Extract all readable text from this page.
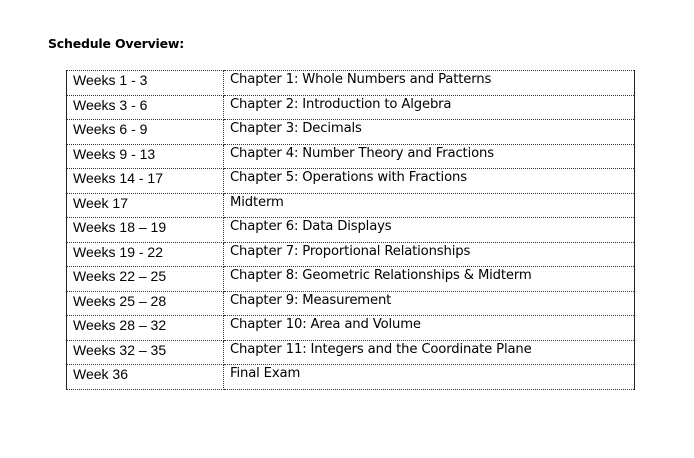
Schedule Overview:
Weeks 1 - 3	Chapter 1: Whole Numbers and Patterns
Weeks 3 - 6	Chapter 2: Introduction to Algebra
Weeks 6 - 9	Chapter 3: Decimals
Weeks 9 - 13	Chapter 4: Number Theory and Fractions
Weeks 14 - 17	Chapter 5: Operations with Fractions
Week 17	Midterm
Weeks 18 – 19	Chapter 6: Data Displays
Weeks 19 - 22	Chapter 7: Proportional Relationships
Weeks 22 – 25	Chapter 8: Geometric Relationships & Midterm
Weeks 25 – 28	Chapter 9: Measurement
Weeks 28 – 32	Chapter 10: Area and Volume
Weeks 32 – 35	Chapter 11: Integers and the Coordinate Plane
Week 36	Final Exam
